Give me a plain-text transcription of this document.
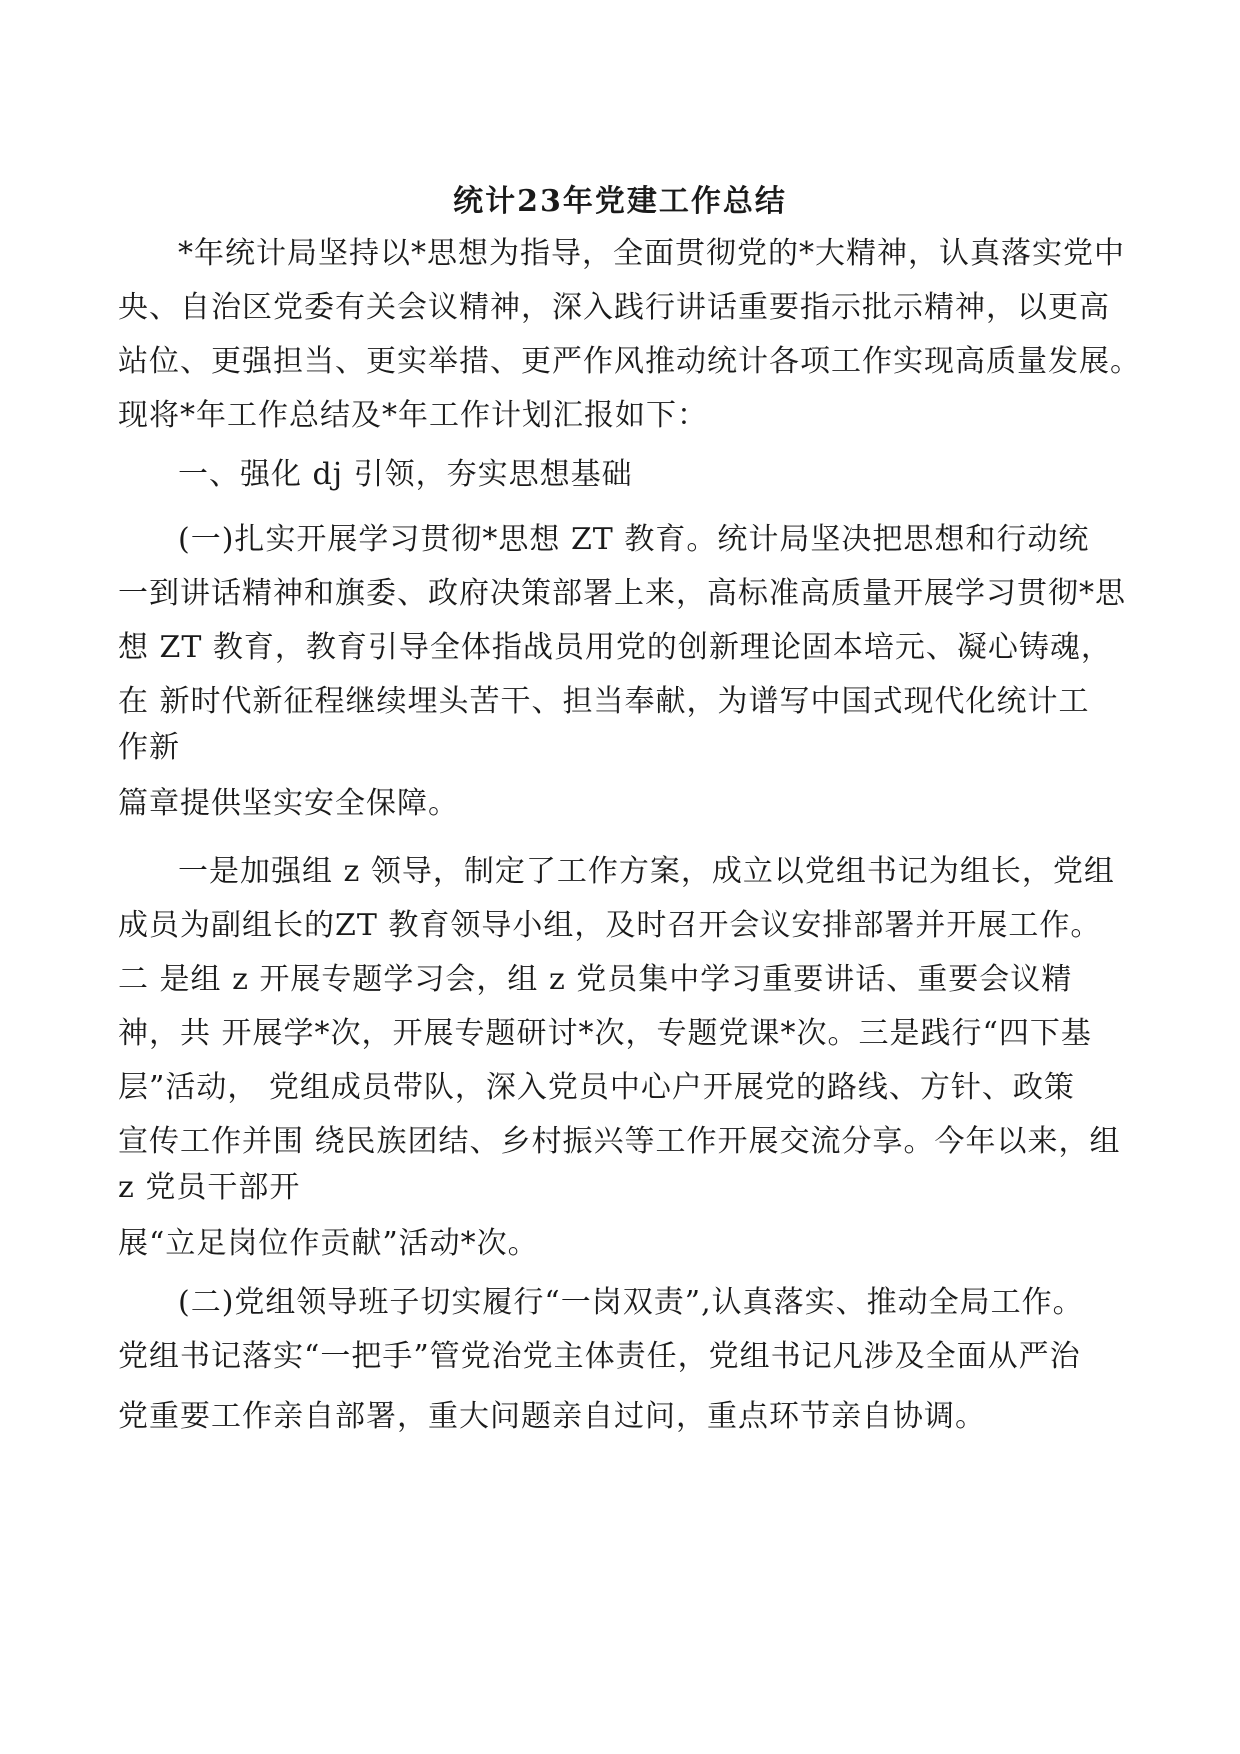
统计23年党建工作总结
*年统计局坚持以*思想为指导，全面贯彻党的*大精神，认真落实党中
央、自治区党委有关会议精神，深入践行讲话重要指示批示精神，以更高
站位、更强担当、更实举措、更严作风推动统计各项工作实现高质量发展。
现将*年工作总结及*年工作计划汇报如下：
一、强化 dj 引领，夯实思想基础
(一)扎实开展学习贯彻*思想 ZT 教育。统计局坚决把思想和行动统
一到讲话精神和旗委、政府决策部署上来，高标准高质量开展学习贯彻*思
想 ZT 教育，教育引导全体指战员用党的创新理论固本培元、凝心铸魂，
在 新时代新征程继续埋头苦干、担当奉献，为谱写中国式现代化统计工
作新
篇章提供坚实安全保障。
一是加强组 z 领导，制定了工作方案，成立以党组书记为组长，党组
成员为副组长的ZT 教育领导小组，及时召开会议安排部署并开展工作。
二 是组 z 开展专题学习会，组 z 党员集中学习重要讲话、重要会议精
神，共 开展学*次，开展专题研讨*次，专题党课*次。三是践行“四下基
层”活动， 党组成员带队，深入党员中心户开展党的路线、方针、政策
宣传工作并围 绕民族团结、乡村振兴等工作开展交流分享。今年以来，组
z 党员干部开
展“立足岗位作贡献”活动*次。
(二)党组领导班子切实履行“一岗双责”,认真落实、推动全局工作。
党组书记落实“一把手”管党治党主体责任，党组书记凡涉及全面从严治
党重要工作亲自部署，重大问题亲自过问，重点环节亲自协调。
